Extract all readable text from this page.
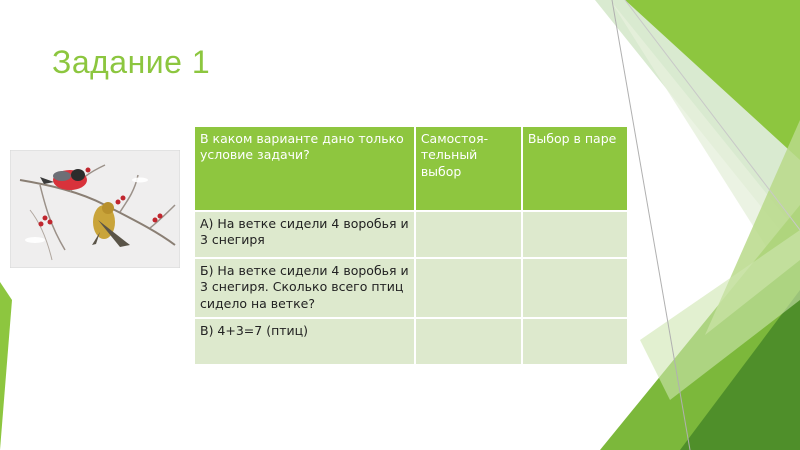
Задание 1
В каком варианте дано только условие задачи?	Самостоя-тельный выбор	Выбор в паре
А) На ветке сидели 4 воробья и 3 снегиря		
Б) На ветке сидели 4 воробья и 3 снегиря. Сколько всего птиц сидело на ветке?		
В) 4+3=7 (птиц)		
